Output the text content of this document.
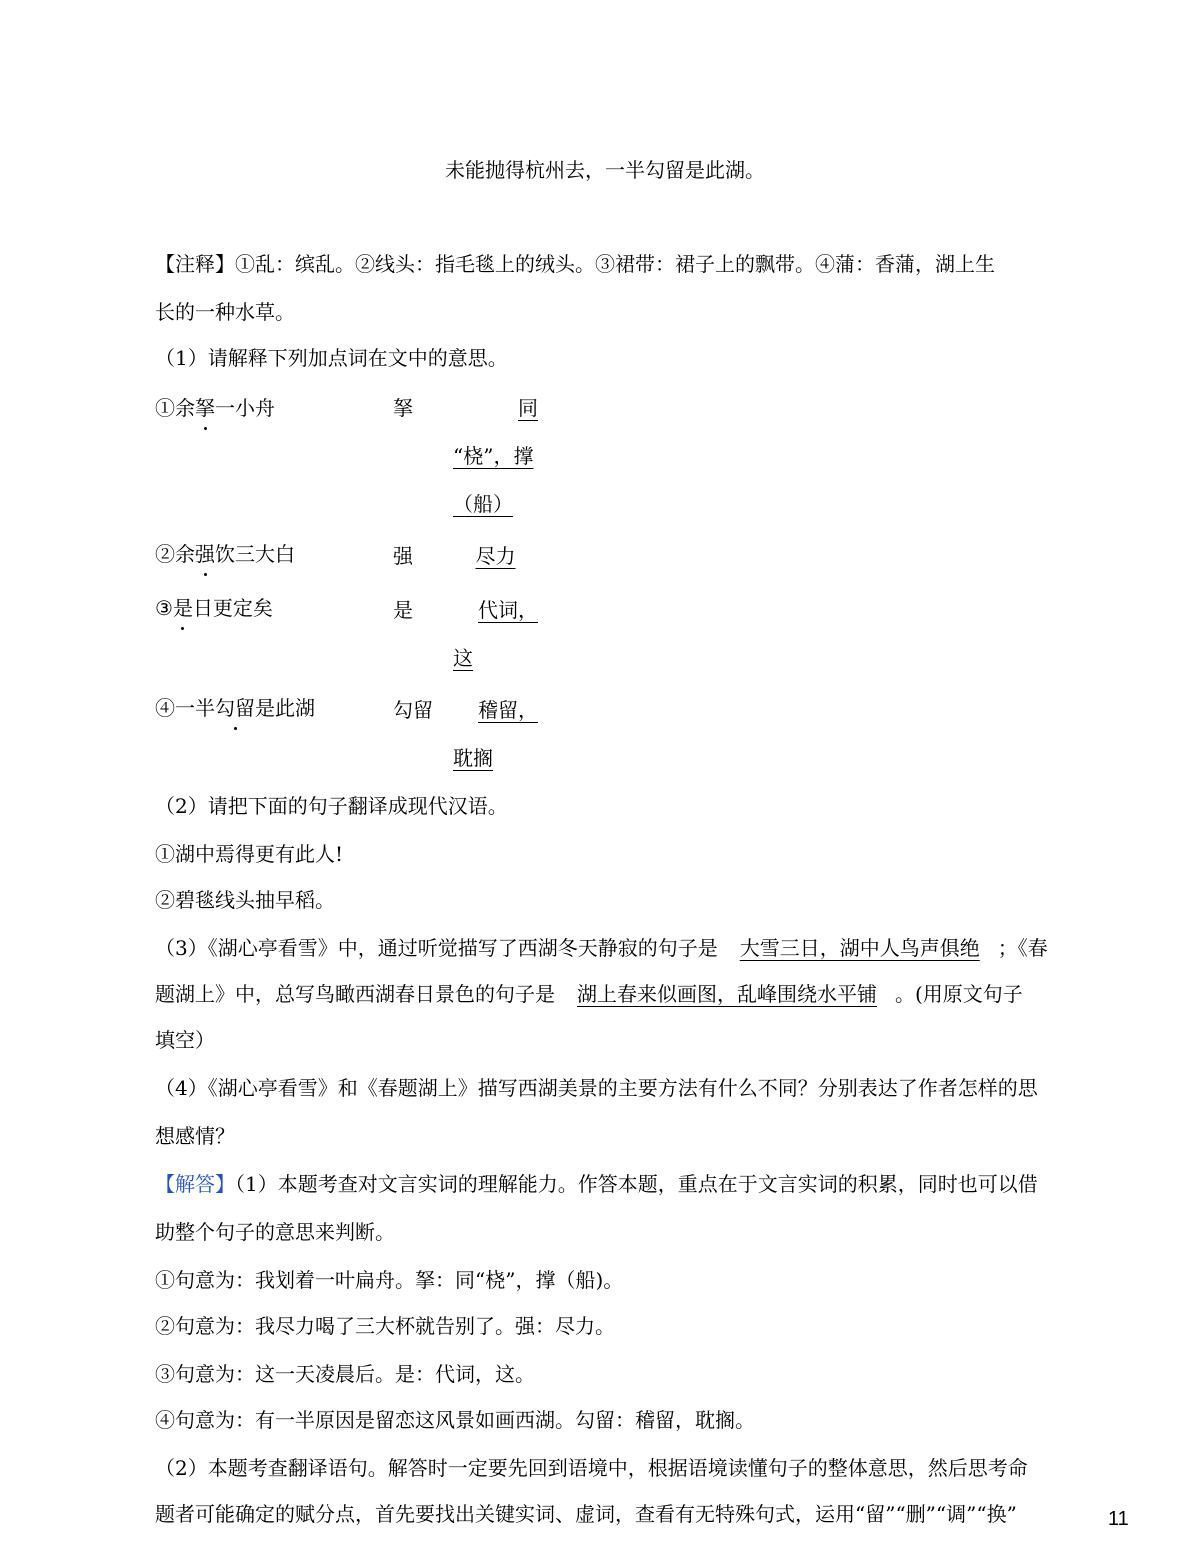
未能抛得杭州去，一半勾留是此湖。
【注释】①乱：缤乱。②线头：指毛毯上的绒头。③裙带：裙子上的飘带。④蒲：香蒲，湖上生
长的一种水草。
（1）请解释下列加点词在文中的意思。
①余拏一小舟	拏	同
“桡”，撑
（船）
②余强饮三大白	强	尽力
③是日更定矣	是	代词，
这
④一半勾留是此湖	勾留	稽留，
耽搁
（2）请把下面的句子翻译成现代汉语。
①湖中焉得更有此人!
②碧毯线头抽早稻。
（3）《湖心亭看雪》中，通过听觉描写了西湖冬天静寂的句子是 大雪三日，湖中人鸟声俱绝 ；《春
题湖上》中，总写鸟瞰西湖春日景色的句子是 湖上春来似画图，乱峰围绕水平铺 。(用原文句子
填空）
（4）《湖心亭看雪》和《春题湖上》描写西湖美景的主要方法有什么不同？分别表达了作者怎样的思
想感情？
【解答】（1）本题考查对文言实词的理解能力。作答本题，重点在于文言实词的积累，同时也可以借
助整个句子的意思来判断。
①句意为：我划着一叶扁舟。拏：同“桡”，撑（船)。
②句意为：我尽力喝了三大杯就告别了。强：尽力。
③句意为：这一天凌晨后。是：代词，这。
④句意为：有一半原因是留恋这风景如画西湖。勾留：稽留，耽搁。
（2）本题考查翻译语句。解答时一定要先回到语境中，根据语境读懂句子的整体意思，然后思考命
题者可能确定的赋分点，首先要找出关键实词、虚词，查看有无特殊句式，运用“留”“删”“调”“换”	11
